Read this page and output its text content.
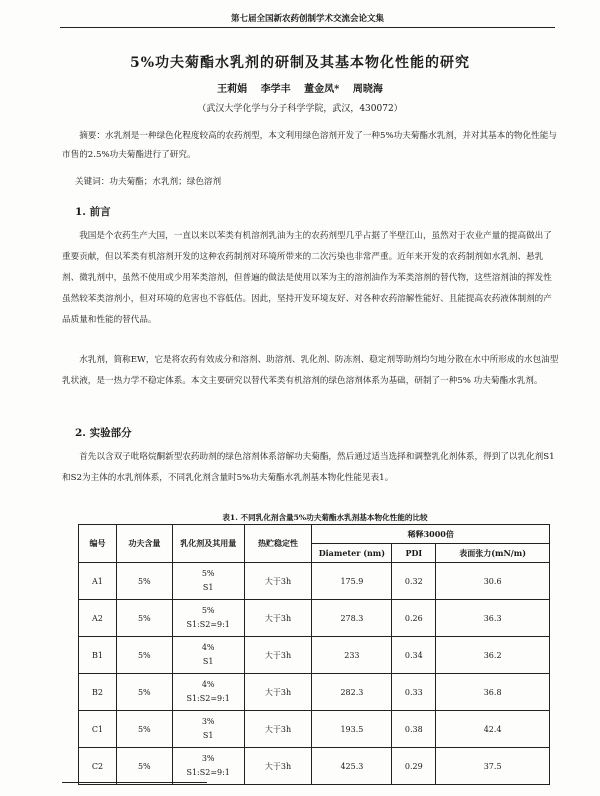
第七届全国新农药创制学术交流会论文集
5%功夫菊酯水乳剂的研制及其基本物化性能的研究
王莉娟 李学丰 董金凤* 周晓海
（武汉大学化学与分子科学学院，武汉，430072）

摘要：水乳剂是一种绿色化程度较高的农药剂型，本文利用绿色溶剂开发了一种5%功夫菊酯水乳剂，并对其基本的物化性能与市售的2.5%功夫菊酯进行了研究。

关键词：功夫菊酯；水乳剂；绿色溶剂
1. 前言

我国是个农药生产大国，一直以来以苯类有机溶剂乳油为主的农药剂型几乎占据了半壁江山，虽然对于农业产量的提高做出了重要贡献，但以苯类有机溶剂开发的这种农药制剂对环境所带来的二次污染也非常严重。近年来开发的农药制剂如水乳剂、悬乳剂、微乳剂中，虽然不使用或少用苯类溶剂，但普遍的做法是使用以苯为主的溶剂油作为苯类溶剂的替代物，这些溶剂油的挥发性虽然较苯类溶剂小，但对环境的危害也不容低估。因此，坚持开发环境友好、对各种农药溶解性能好、且能提高农药液体制剂的产品质量和性能的替代品。

水乳剂，简称EW，它是将农药有效成分和溶剂、助溶剂、乳化剂、防冻剂、稳定剂等助剂均匀地分散在水中所形成的水包油型乳状液，是一热力学不稳定体系。本文主要研究以替代苯类有机溶剂的绿色溶剂体系为基础，研制了一种5% 功夫菊酯水乳剂。

2. 实验部分

首先以含双子吡咯烷酮新型农药助剂的绿色溶剂体系溶解功夫菊酯，然后通过适当选择和调整乳化剂体系，得到了以乳化剂S1和S2为主体的水乳剂体系，不同乳化剂含量时5%功夫菊酯水乳剂基本物化性能见表1。

表1. 不同乳化剂含量5%功夫菊酯水乳剂基本物化性能的比较
编号	功夫含量	乳化剂及其用量	热贮稳定性	稀释3000倍		
				Diameter (nm)	PDI	表面张力(mN/m)
A1	5%	5%
S1	大于3h	175.9	0.32	30.6
A2	5%	5%
S1:S2=9:1	大于3h	278.3	0.26	36.3
B1	5%	4%
S1	大于3h	233	0.34	36.2
B2	5%	4%
S1:S2=9:1	大于3h	282.3	0.33	36.8
C1	5%	3%
S1	大于3h	193.5	0.38	42.4
C2	5%	3%
S1:S2=9:1	大于3h	425.3	0.29	37.5
